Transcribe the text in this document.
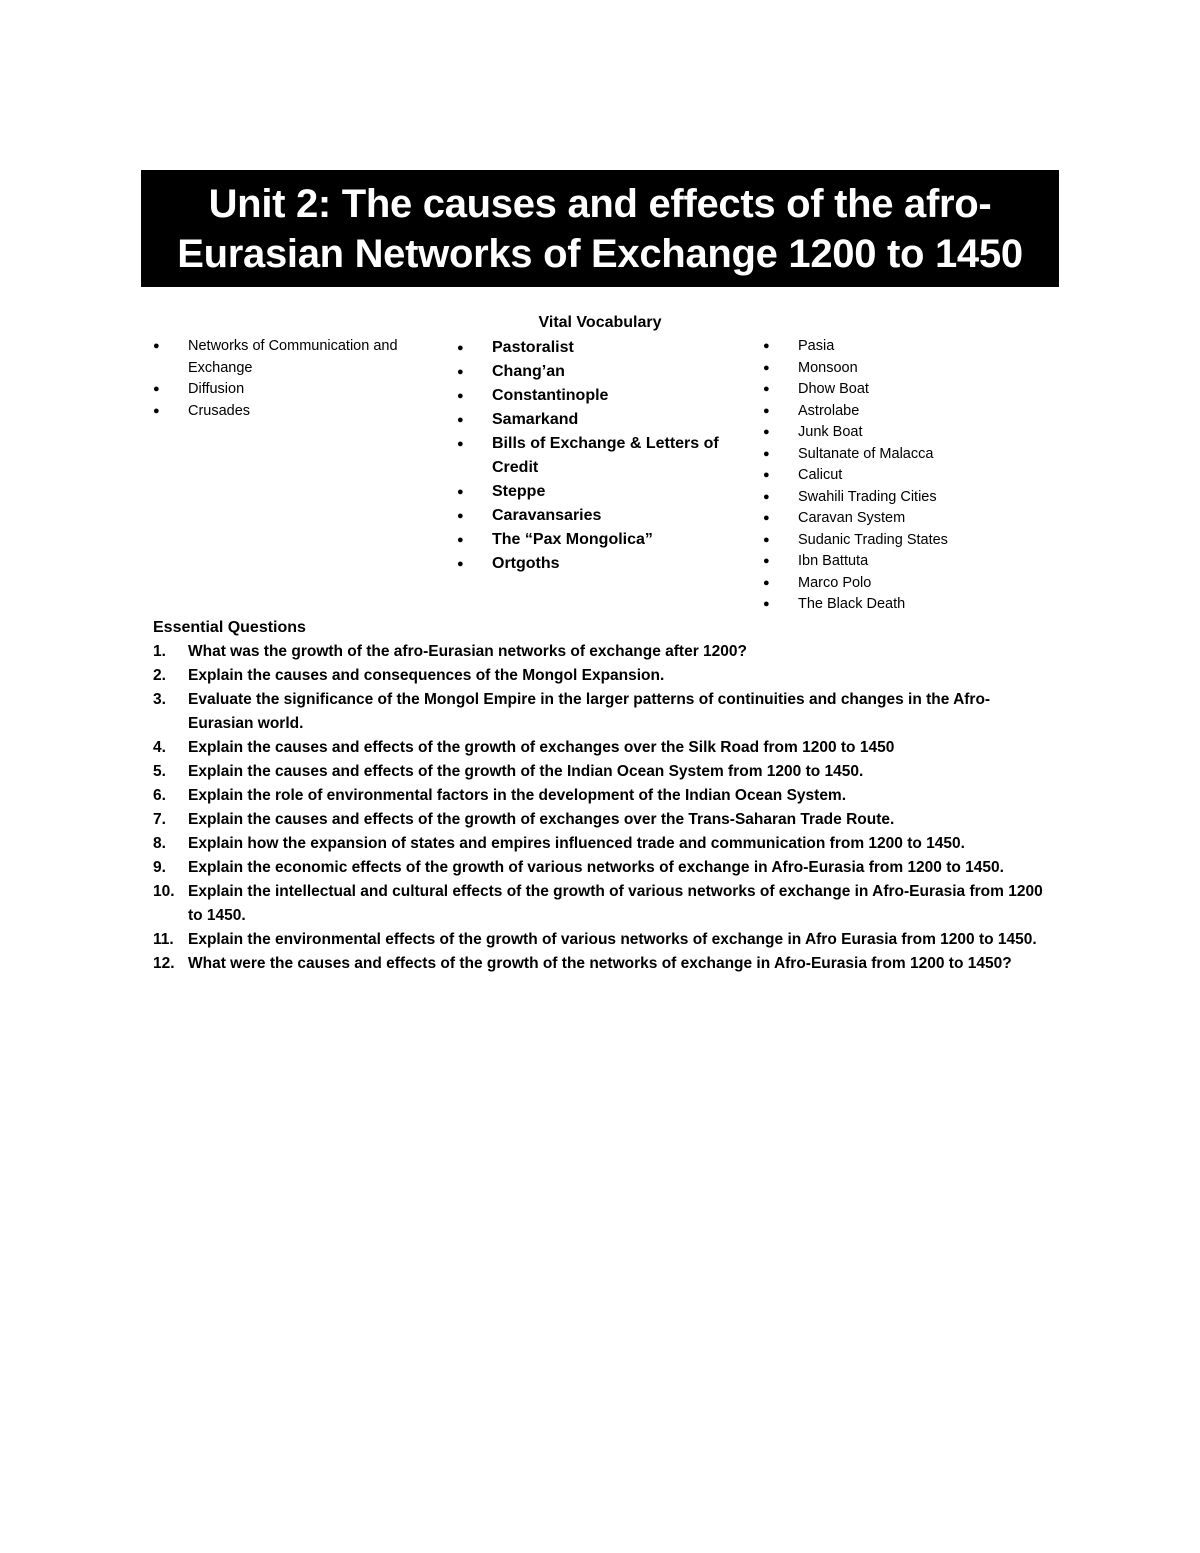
Unit 2: The causes and effects of the afro-
Eurasian Networks of Exchange 1200 to 1450
Vital Vocabulary
●	Networks of Communication and Exchange
●	Diffusion
●	Crusades
●	Pastoralist
●	Chang’an
●	Constantinople
●	Samarkand
●	Bills of Exchange & Letters of Credit
●	Steppe
●	Caravansaries
●	The “Pax Mongolica”
●	Ortgoths
●	Pasia
●	Monsoon
●	Dhow Boat
●	Astrolabe
●	Junk Boat
●	Sultanate of Malacca
●	Calicut
●	Swahili Trading Cities
●	Caravan System
●	Sudanic Trading States
●	Ibn Battuta
●	Marco Polo
●	The Black Death
Essential Questions
1.	What was the growth of the afro-Eurasian networks of exchange after 1200?
2.	Explain the causes and consequences of the Mongol Expansion.
3.	Evaluate the significance of the Mongol Empire in the larger patterns of continuities and changes in the Afro-Eurasian world.
4.	Explain the causes and effects of the growth of exchanges over the Silk Road from 1200 to 1450
5.	Explain the causes and effects of the growth of the Indian Ocean System from 1200 to 1450.
6.	Explain the role of environmental factors in the development of the Indian Ocean System.
7.	Explain the causes and effects of the growth of exchanges over the Trans-Saharan Trade Route.
8.	Explain how the expansion of states and empires influenced trade and communication from 1200 to 1450.
9.	Explain the economic effects of the growth of various networks of exchange in Afro-Eurasia from 1200 to 1450.
10. Explain the intellectual and cultural effects of the growth of various networks of exchange in Afro-Eurasia from 1200 to 1450.
11. Explain the environmental effects of the growth of various networks of exchange in Afro Eurasia from 1200 to 1450.
12. What were the causes and effects of the growth of the networks of exchange in Afro-Eurasia from 1200 to 1450?
